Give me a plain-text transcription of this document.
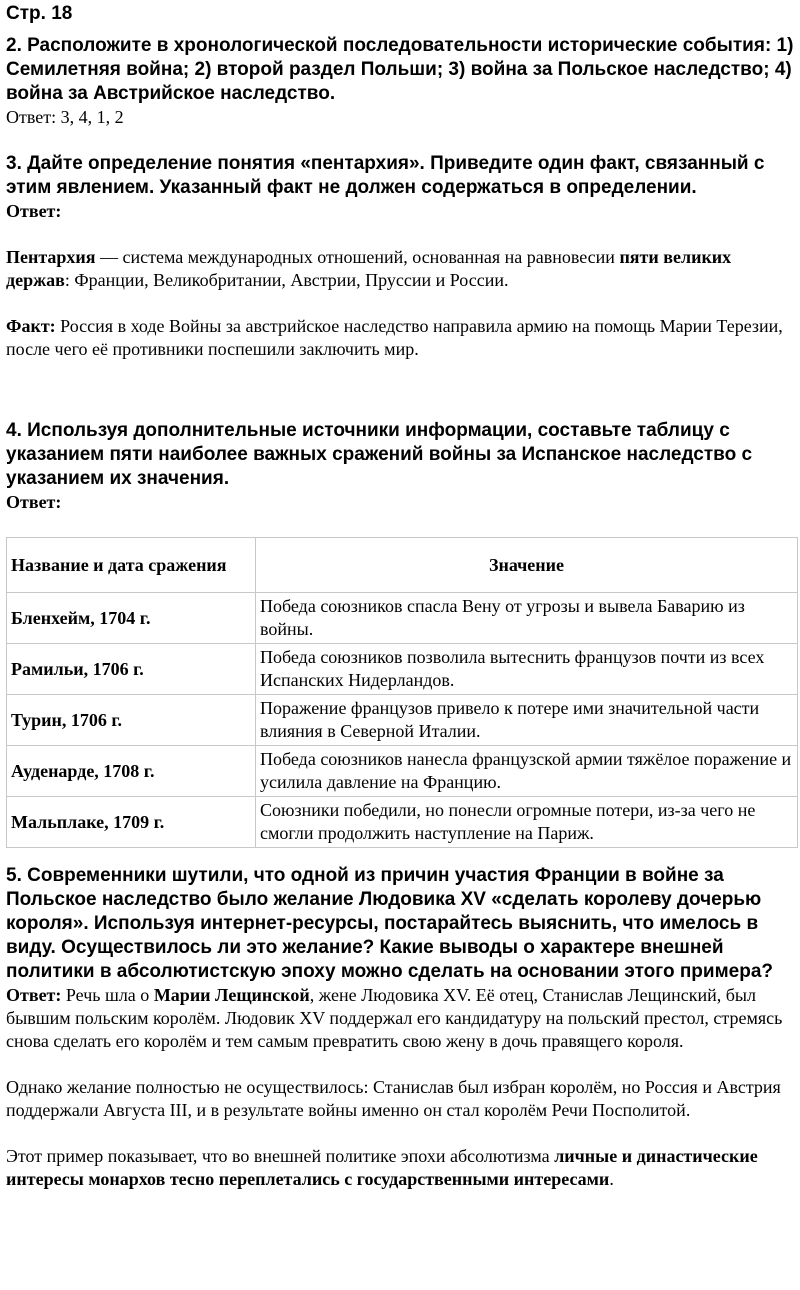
Стр. 18

2. Расположите в хронологической последовательности исторические события: 1) Семилетняя война; 2) второй раздел Польши; 3) война за Польское наследство; 4) война за Австрийское наследство.

Ответ: 3, 4, 1, 2

3. Дайте определение понятия «пентархия». Приведите один факт, связанный с этим явлением. Указанный факт не должен содержаться в определении.

Ответ:

Пентархия — система международных отношений, основанная на равновесии пяти великих держав: Франции, Великобритании, Австрии, Пруссии и России.

Факт: Россия в ходе Войны за австрийское наследство направила армию на помощь Марии Терезии, после чего её противники поспешили заключить мир.

4. Используя дополнительные источники информации, составьте таблицу с указанием пяти наиболее важных сражений войны за Испанское наследство с указанием их значения.

Ответ:

Название и дата сражения	Значение
Бленхейм, 1704 г.	Победа союзников спасла Вену от угрозы и вывела Баварию из войны.
Рамильи, 1706 г.	Победа союзников позволила вытеснить французов почти из всех Испанских Нидерландов.
Турин, 1706 г.	Поражение французов привело к потере ими значительной части влияния в Северной Италии.
Ауденарде, 1708 г.	Победа союзников нанесла французской армии тяжёлое поражение и усилила давление на Францию.
Мальплаке, 1709 г.	Союзники победили, но понесли огромные потери, из-за чего не смогли продолжить наступление на Париж.

5. Современники шутили, что одной из причин участия Франции в войне за Польское наследство было желание Людовика XV «сделать королеву дочерью короля». Используя интернет-ресурсы, постарайтесь выяснить, что имелось в виду. Осуществилось ли это желание? Какие выводы о характере внешней политики в абсолютистскую эпоху можно сделать на основании этого примера?

Ответ: Речь шла о Марии Лещинской, жене Людовика XV. Её отец, Станислав Лещинский, был бывшим польским королём. Людовик XV поддержал его кандидатуру на польский престол, стремясь снова сделать его королём и тем самым превратить свою жену в дочь правящего короля.

Однако желание полностью не осуществилось: Станислав был избран королём, но Россия и Австрия поддержали Августа III, и в результате войны именно он стал королём Речи Посполитой.

Этот пример показывает, что во внешней политике эпохи абсолютизма личные и династические интересы монархов тесно переплетались с государственными интересами.
